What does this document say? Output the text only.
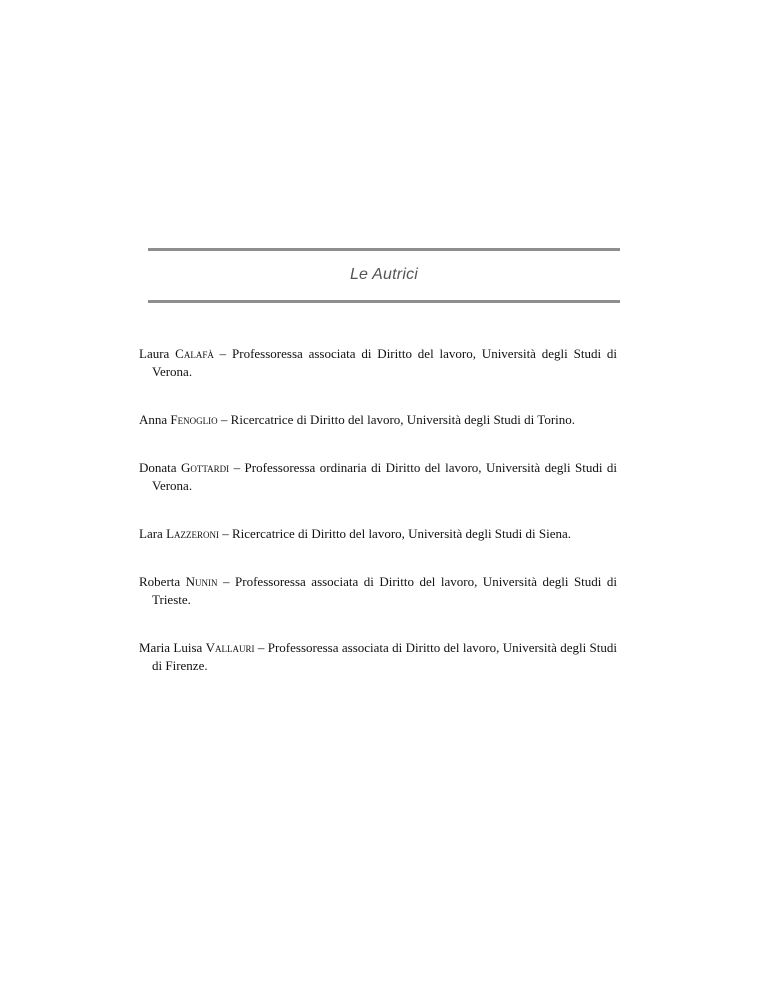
Le Autrici
Laura Calafà – Professoressa associata di Diritto del lavoro, Università degli Studi di Verona.
Anna Fenoglio – Ricercatrice di Diritto del lavoro, Università degli Studi di Torino.
Donata Gottardi – Professoressa ordinaria di Diritto del lavoro, Università degli Studi di Verona.
Lara Lazzeroni – Ricercatrice di Diritto del lavoro, Università degli Studi di Siena.
Roberta Nunin – Professoressa associata di Diritto del lavoro, Università degli Studi di Trieste.
Maria Luisa Vallauri – Professoressa associata di Diritto del lavoro, Università degli Studi di Firenze.
